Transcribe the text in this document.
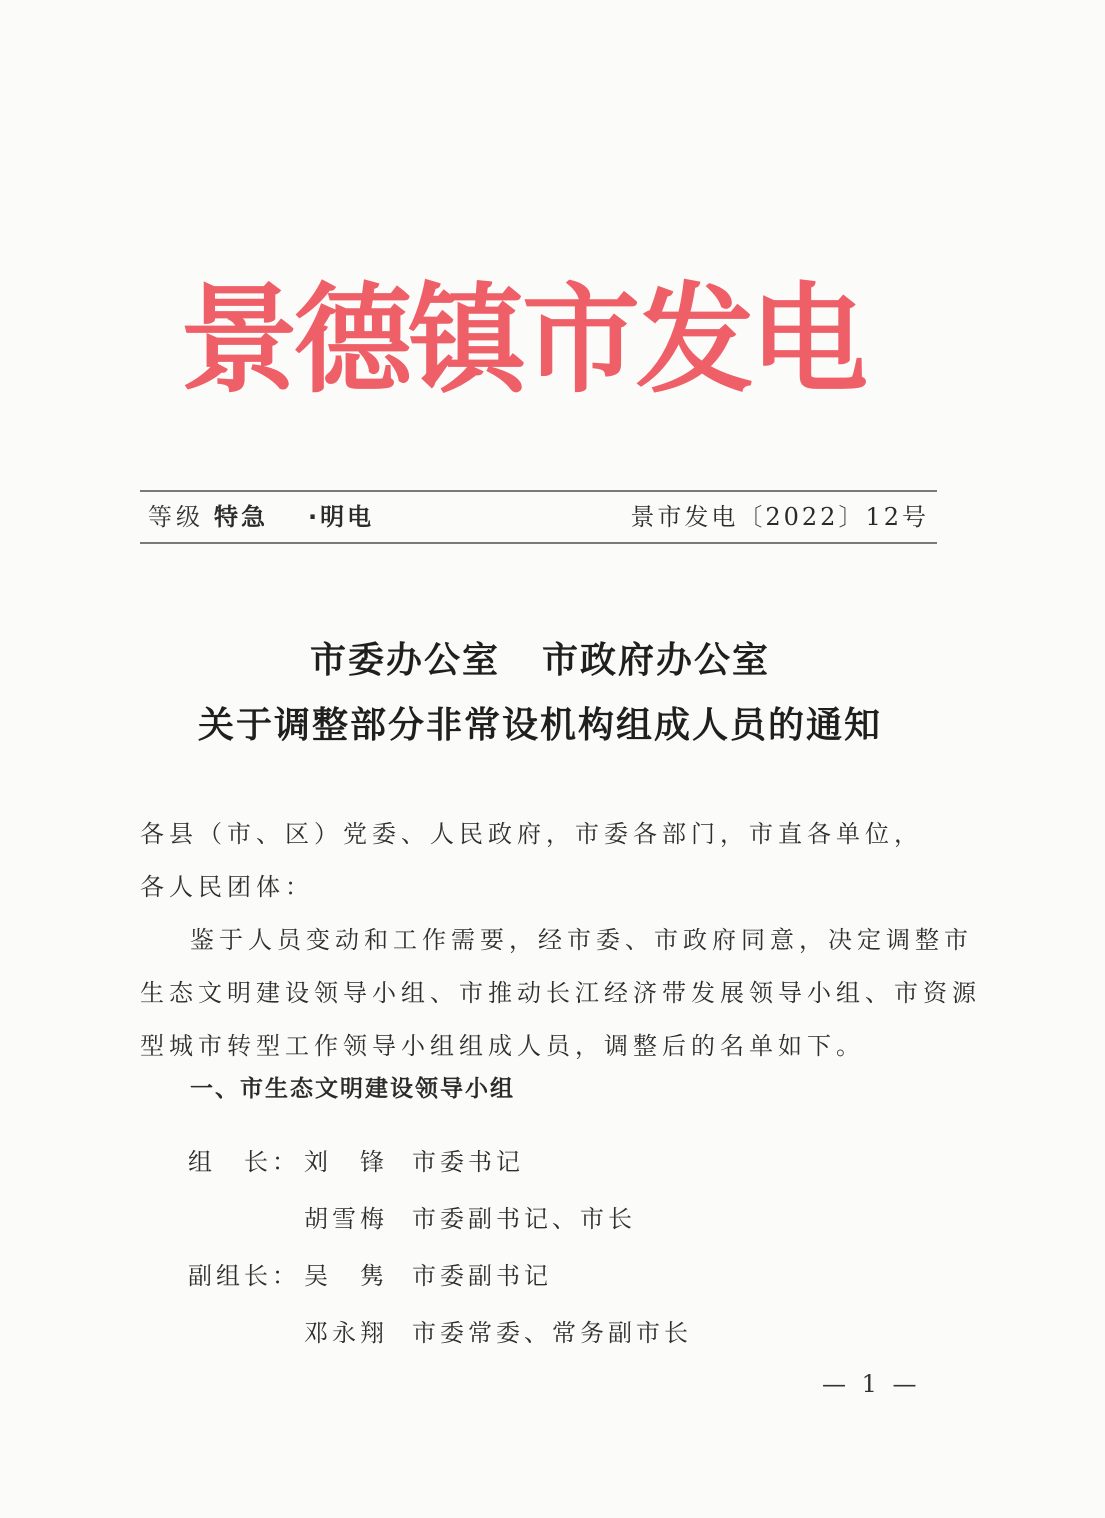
景德镇市发电
等级 特急 ·明电	景市发电〔2022〕12号
市委办公室 市政府办公室
关于调整部分非常设机构组成人员的通知
各县（市、区）党委、人民政府，市委各部门，市直各单位，
各人民团体：
鉴于人员变动和工作需要，经市委、市政府同意，决定调整市
生态文明建设领导小组、市推动长江经济带发展领导小组、市资源
型城市转型工作领导小组组成人员，调整后的名单如下。
一、市生态文明建设领导小组
组　长： 刘　锋 市委书记
胡雪梅 市委副书记、市长
副组长： 吴　隽 市委副书记
邓永翔 市委常委、常务副市长
— 1 —
